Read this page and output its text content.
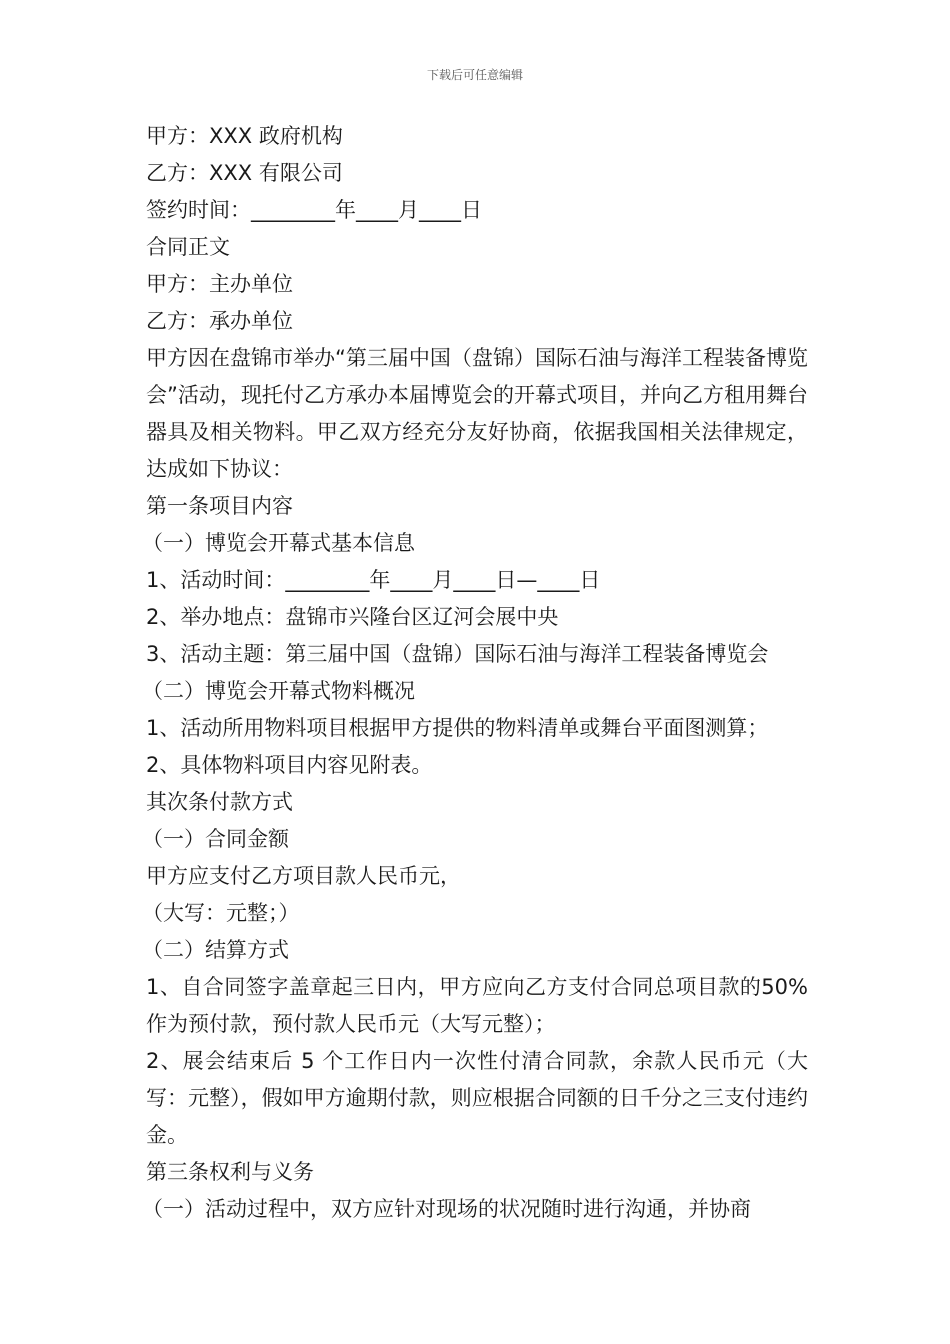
下载后可任意编辑

甲方：XXX 政府机构

乙方：XXX 有限公司

签约时间：________年____月____日

合同正文

甲方：主办单位

乙方：承办单位

甲方因在盘锦市举办“第三届中国（盘锦）国际石油与海洋工程装备博览会”活动，现托付乙方承办本届博览会的开幕式项目，并向乙方租用舞台器具及相关物料。甲乙双方经充分友好协商，依据我国相关法律规定，达成如下协议：

第一条项目内容

（一）博览会开幕式基本信息

1、活动时间：________年____月____日—____日

2、举办地点：盘锦市兴隆台区辽河会展中央

3、活动主题：第三届中国（盘锦）国际石油与海洋工程装备博览会

（二）博览会开幕式物料概况

1、活动所用物料项目根据甲方提供的物料清单或舞台平面图测算；

2、具体物料项目内容见附表。

其次条付款方式

（一）合同金额

甲方应支付乙方项目款人民币元，

（大写：元整；）

（二）结算方式

1、自合同签字盖章起三日内，甲方应向乙方支付合同总项目款的50%作为预付款，预付款人民币元（大写元整）；

2、展会结束后 5 个工作日内一次性付清合同款，余款人民币元（大写：元整），假如甲方逾期付款，则应根据合同额的日千分之三支付违约金。

第三条权利与义务

（一）活动过程中，双方应针对现场的状况随时进行沟通，并协商
